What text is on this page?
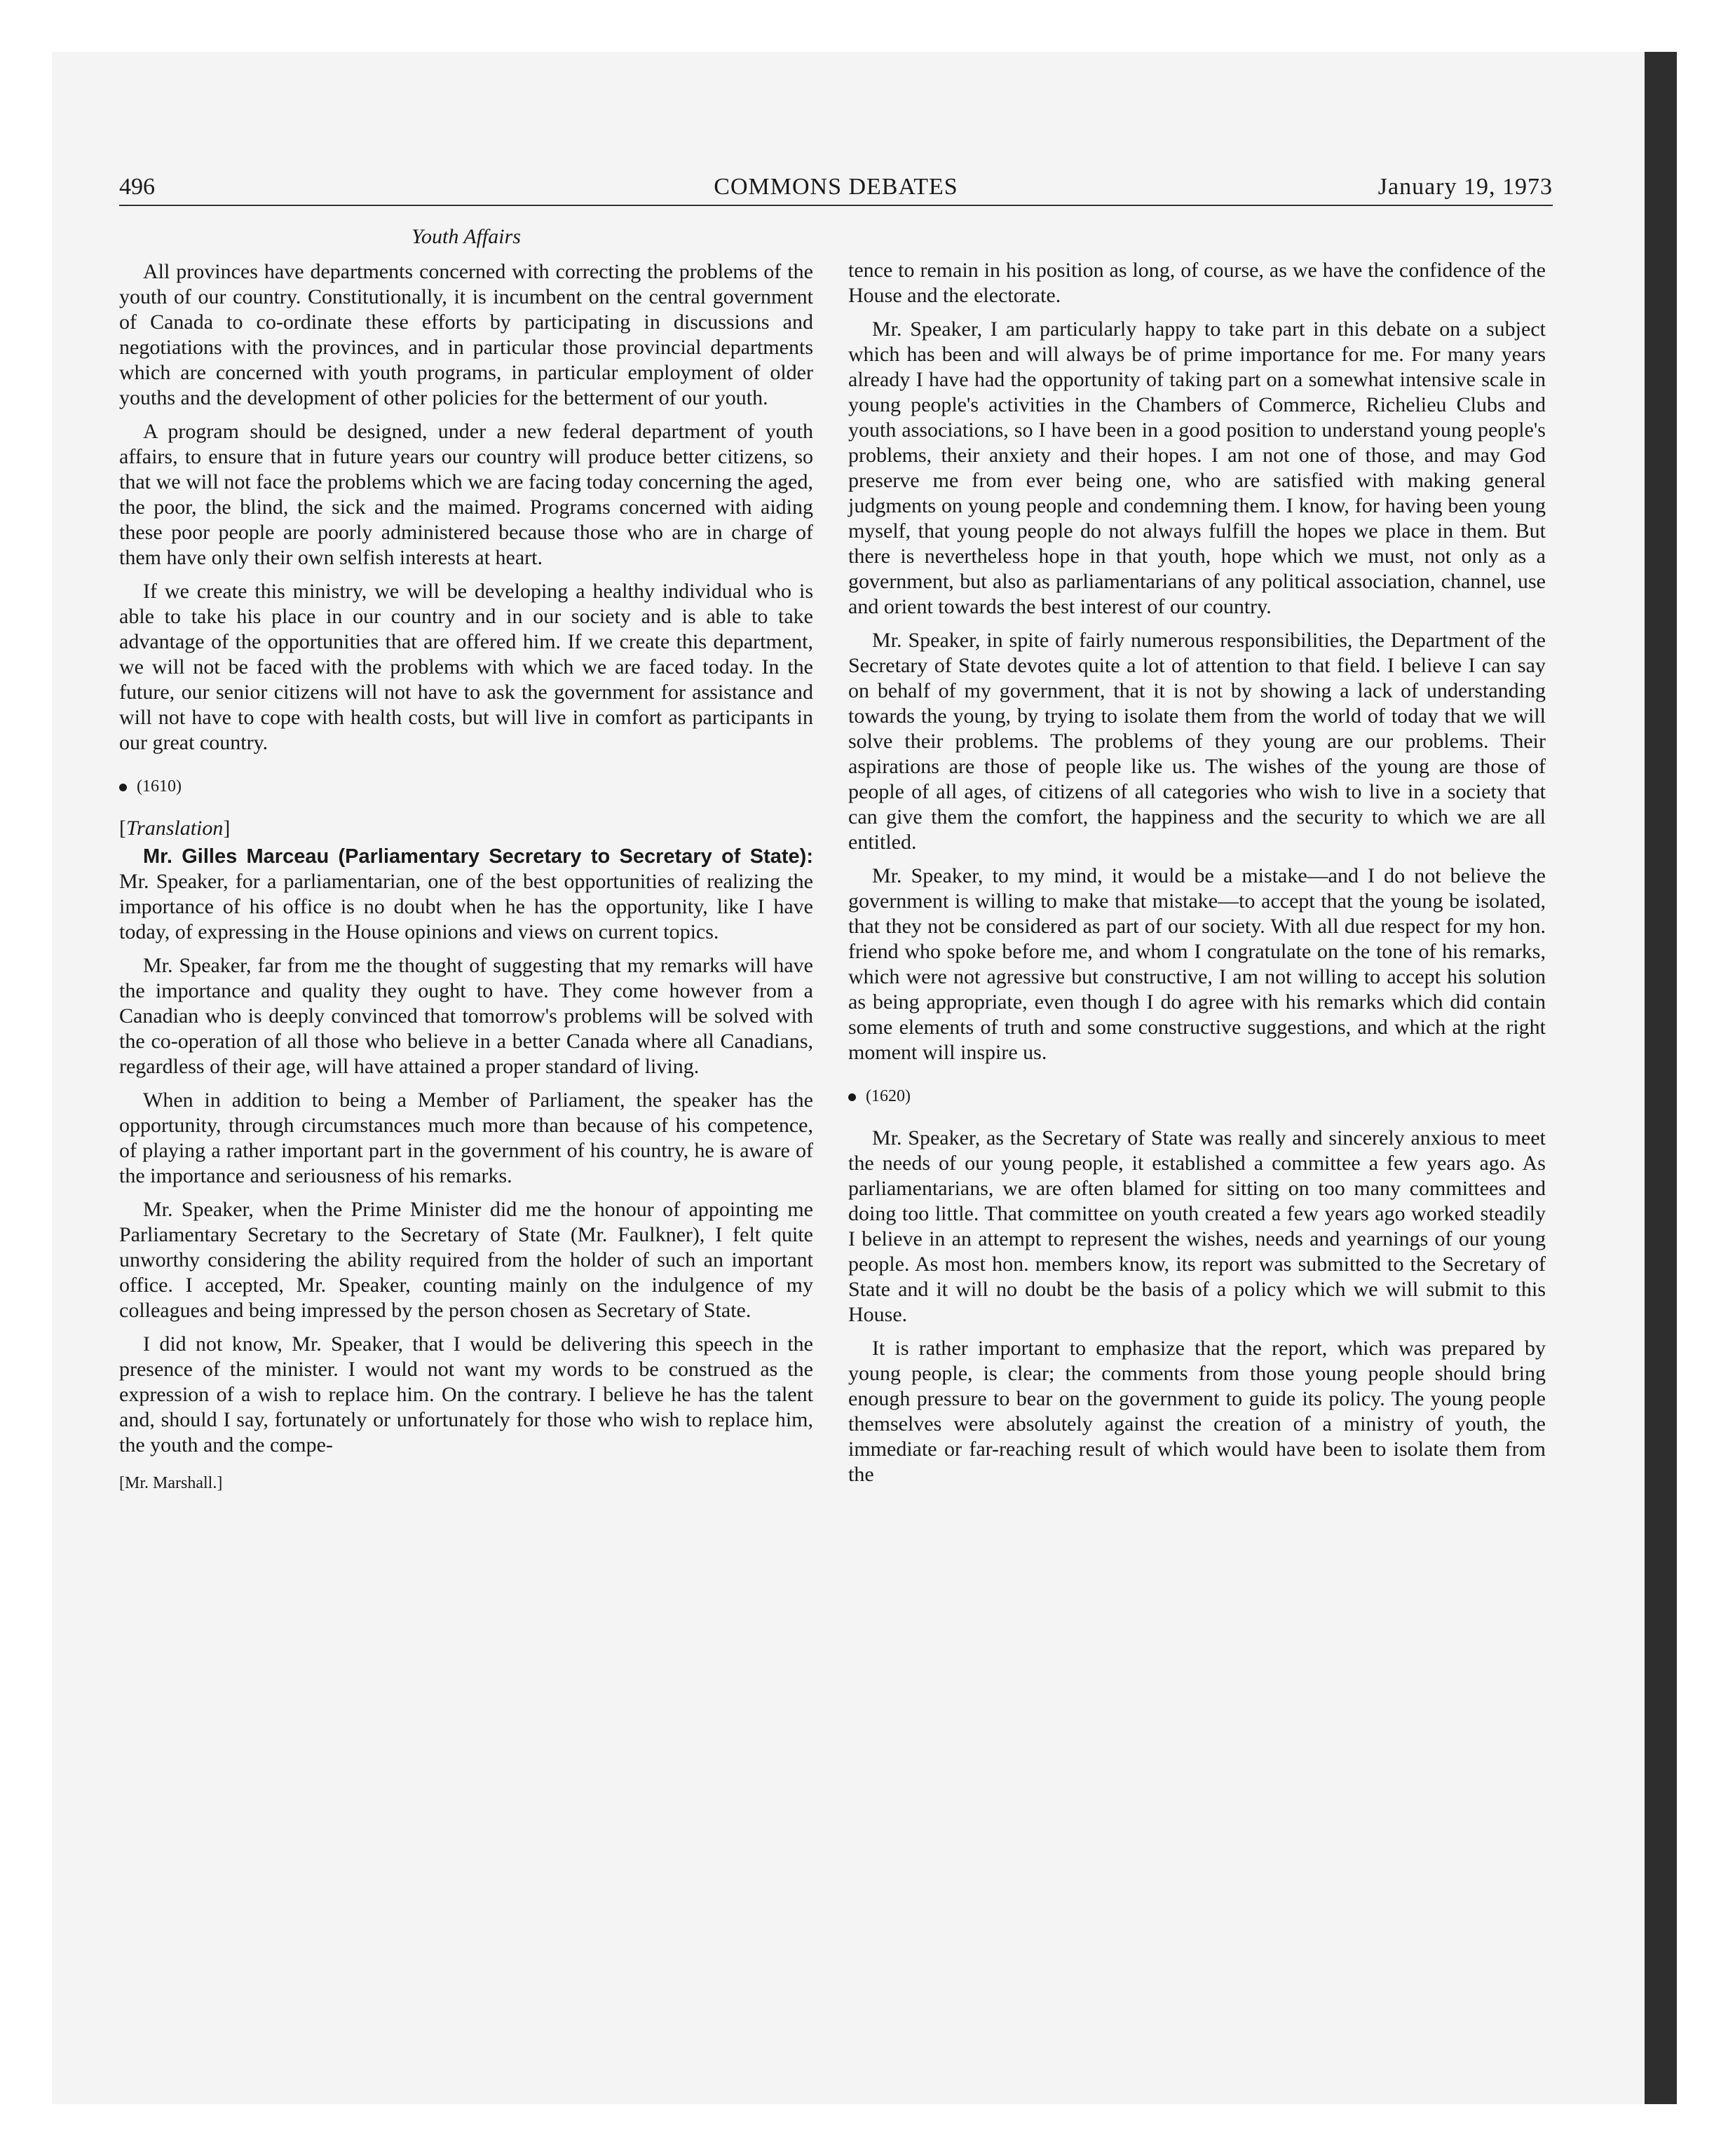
496	COMMONS DEBATES	January 19, 1973
Youth Affairs

All provinces have departments concerned with correcting the problems of the youth of our country. Constitutionally, it is incumbent on the central government of Canada to co-ordinate these efforts by participating in discussions and negotiations with the provinces, and in particular those provincial departments which are concerned with youth programs, in particular employment of older youths and the development of other policies for the betterment of our youth.

A program should be designed, under a new federal department of youth affairs, to ensure that in future years our country will produce better citizens, so that we will not face the problems which we are facing today concerning the aged, the poor, the blind, the sick and the maimed. Programs concerned with aiding these poor people are poorly administered because those who are in charge of them have only their own selfish interests at heart.

If we create this ministry, we will be developing a healthy individual who is able to take his place in our country and in our society and is able to take advantage of the opportunities that are offered him. If we create this department, we will not be faced with the problems with which we are faced today. In the future, our senior citizens will not have to ask the government for assistance and will not have to cope with health costs, but will live in comfort as participants in our great country.

(1610)
[Translation]

Mr. Gilles Marceau (Parliamentary Secretary to Secretary of State): Mr. Speaker, for a parliamentarian, one of the best opportunities of realizing the importance of his office is no doubt when he has the opportunity, like I have today, of expressing in the House opinions and views on current topics.

Mr. Speaker, far from me the thought of suggesting that my remarks will have the importance and quality they ought to have. They come however from a Canadian who is deeply convinced that tomorrow's problems will be solved with the co-operation of all those who believe in a better Canada where all Canadians, regardless of their age, will have attained a proper standard of living.

When in addition to being a Member of Parliament, the speaker has the opportunity, through circumstances much more than because of his competence, of playing a rather important part in the government of his country, he is aware of the importance and seriousness of his remarks.

Mr. Speaker, when the Prime Minister did me the honour of appointing me Parliamentary Secretary to the Secretary of State (Mr. Faulkner), I felt quite unworthy considering the ability required from the holder of such an important office. I accepted, Mr. Speaker, counting mainly on the indulgence of my colleagues and being impressed by the person chosen as Secretary of State.

I did not know, Mr. Speaker, that I would be delivering this speech in the presence of the minister. I would not want my words to be construed as the expression of a wish to replace him. On the contrary. I believe he has the talent and, should I say, fortunately or unfortunately for those who wish to replace him, the youth and the compe-

[Mr. Marshall.]

tence to remain in his position as long, of course, as we have the confidence of the House and the electorate.

Mr. Speaker, I am particularly happy to take part in this debate on a subject which has been and will always be of prime importance for me. For many years already I have had the opportunity of taking part on a somewhat intensive scale in young people's activities in the Chambers of Commerce, Richelieu Clubs and youth associations, so I have been in a good position to understand young people's problems, their anxiety and their hopes. I am not one of those, and may God preserve me from ever being one, who are satisfied with making general judgments on young people and condemning them. I know, for having been young myself, that young people do not always fulfill the hopes we place in them. But there is nevertheless hope in that youth, hope which we must, not only as a government, but also as parliamentarians of any political association, channel, use and orient towards the best interest of our country.

Mr. Speaker, in spite of fairly numerous responsibilities, the Department of the Secretary of State devotes quite a lot of attention to that field. I believe I can say on behalf of my government, that it is not by showing a lack of understanding towards the young, by trying to isolate them from the world of today that we will solve their problems. The problems of they young are our problems. Their aspirations are those of people like us. The wishes of the young are those of people of all ages, of citizens of all categories who wish to live in a society that can give them the comfort, the happiness and the security to which we are all entitled.

Mr. Speaker, to my mind, it would be a mistake—and I do not believe the government is willing to make that mistake—to accept that the young be isolated, that they not be considered as part of our society. With all due respect for my hon. friend who spoke before me, and whom I congratulate on the tone of his remarks, which were not agressive but constructive, I am not willing to accept his solution as being appropriate, even though I do agree with his remarks which did contain some elements of truth and some constructive suggestions, and which at the right moment will inspire us.

(1620)

Mr. Speaker, as the Secretary of State was really and sincerely anxious to meet the needs of our young people, it established a committee a few years ago. As parliamentarians, we are often blamed for sitting on too many committees and doing too little. That committee on youth created a few years ago worked steadily I believe in an attempt to represent the wishes, needs and yearnings of our young people. As most hon. members know, its report was submitted to the Secretary of State and it will no doubt be the basis of a policy which we will submit to this House.

It is rather important to emphasize that the report, which was prepared by young people, is clear; the comments from those young people should bring enough pressure to bear on the government to guide its policy. The young people themselves were absolutely against the creation of a ministry of youth, the immediate or far-reaching result of which would have been to isolate them from the
